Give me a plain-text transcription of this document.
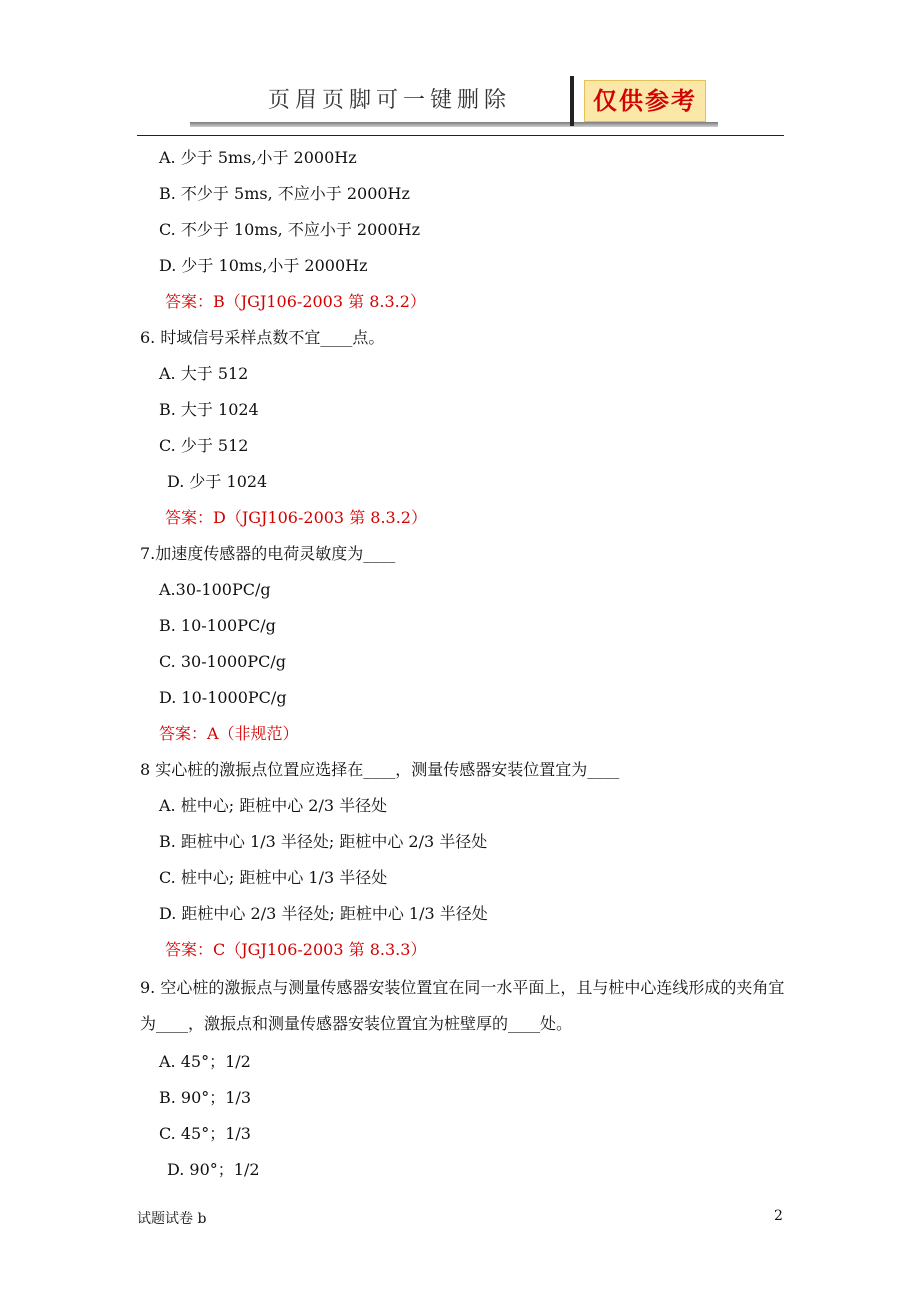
页眉页脚可一键删除	仅供参考
A. 少于 5ms,小于 2000Hz
B. 不少于 5ms, 不应小于 2000Hz
C. 不少于 10ms, 不应小于 2000Hz
D. 少于 10ms,小于 2000Hz
答案：B（JGJ106-2003 第 8.3.2）
6. 时域信号采样点数不宜____点。
A. 大于 512
B. 大于 1024
C. 少于 512
D. 少于 1024
答案：D（JGJ106-2003 第 8.3.2）
7.加速度传感器的电荷灵敏度为____
A.30-100PC/g
B. 10-100PC/g
C. 30-1000PC/g
D. 10-1000PC/g
答案：A（非规范）
8 实心桩的激振点位置应选择在____，测量传感器安装位置宜为____
A. 桩中心; 距桩中心 2/3 半径处
B. 距桩中心 1/3 半径处; 距桩中心 2/3 半径处
C. 桩中心; 距桩中心 1/3 半径处
D. 距桩中心 2/3 半径处; 距桩中心 1/3 半径处
答案：C（JGJ106-2003 第 8.3.3）
9. 空心桩的激振点与测量传感器安装位置宜在同一水平面上，且与桩中心连线形成的夹角宜为____，激振点和测量传感器安装位置宜为桩壁厚的____处。
A. 45°；1/2
B. 90°；1/3
C. 45°；1/3
D. 90°；1/2
试题试卷 b	2
